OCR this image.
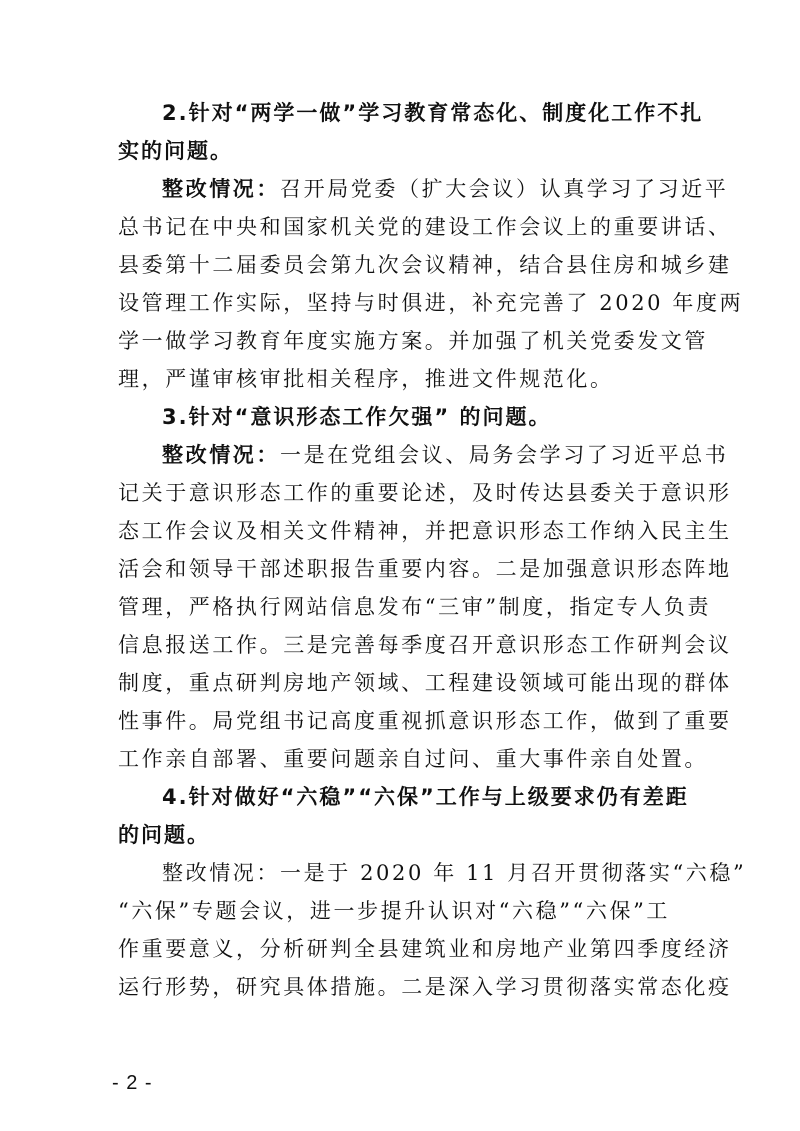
2.针对“两学一做”学习教育常态化、制度化工作不扎
实的问题。
整改情况：召开局党委（扩大会议）认真学习了习近平
总书记在中央和国家机关党的建设工作会议上的重要讲话、
县委第十二届委员会第九次会议精神，结合县住房和城乡建
设管理工作实际，坚持与时俱进，补充完善了 2020 年度两
学一做学习教育年度实施方案。并加强了机关党委发文管
理，严谨审核审批相关程序，推进文件规范化。
3.针对“意识形态工作欠强” 的问题。
整改情况：一是在党组会议、局务会学习了习近平总书
记关于意识形态工作的重要论述，及时传达县委关于意识形
态工作会议及相关文件精神，并把意识形态工作纳入民主生
活会和领导干部述职报告重要内容。二是加强意识形态阵地
管理，严格执行网站信息发布“三审”制度，指定专人负责
信息报送工作。三是完善每季度召开意识形态工作研判会议
制度，重点研判房地产领域、工程建设领域可能出现的群体
性事件。局党组书记高度重视抓意识形态工作，做到了重要
工作亲自部署、重要问题亲自过问、重大事件亲自处置。
4.针对做好“六稳”“六保”工作与上级要求仍有差距
的问题。
整改情况：一是于 2020 年 11 月召开贯彻落实“六稳”
“六保”专题会议，进一步提升认识对“六稳”“六保”工
作重要意义，分析研判全县建筑业和房地产业第四季度经济
运行形势，研究具体措施。二是深入学习贯彻落实常态化疫
- 2 -
